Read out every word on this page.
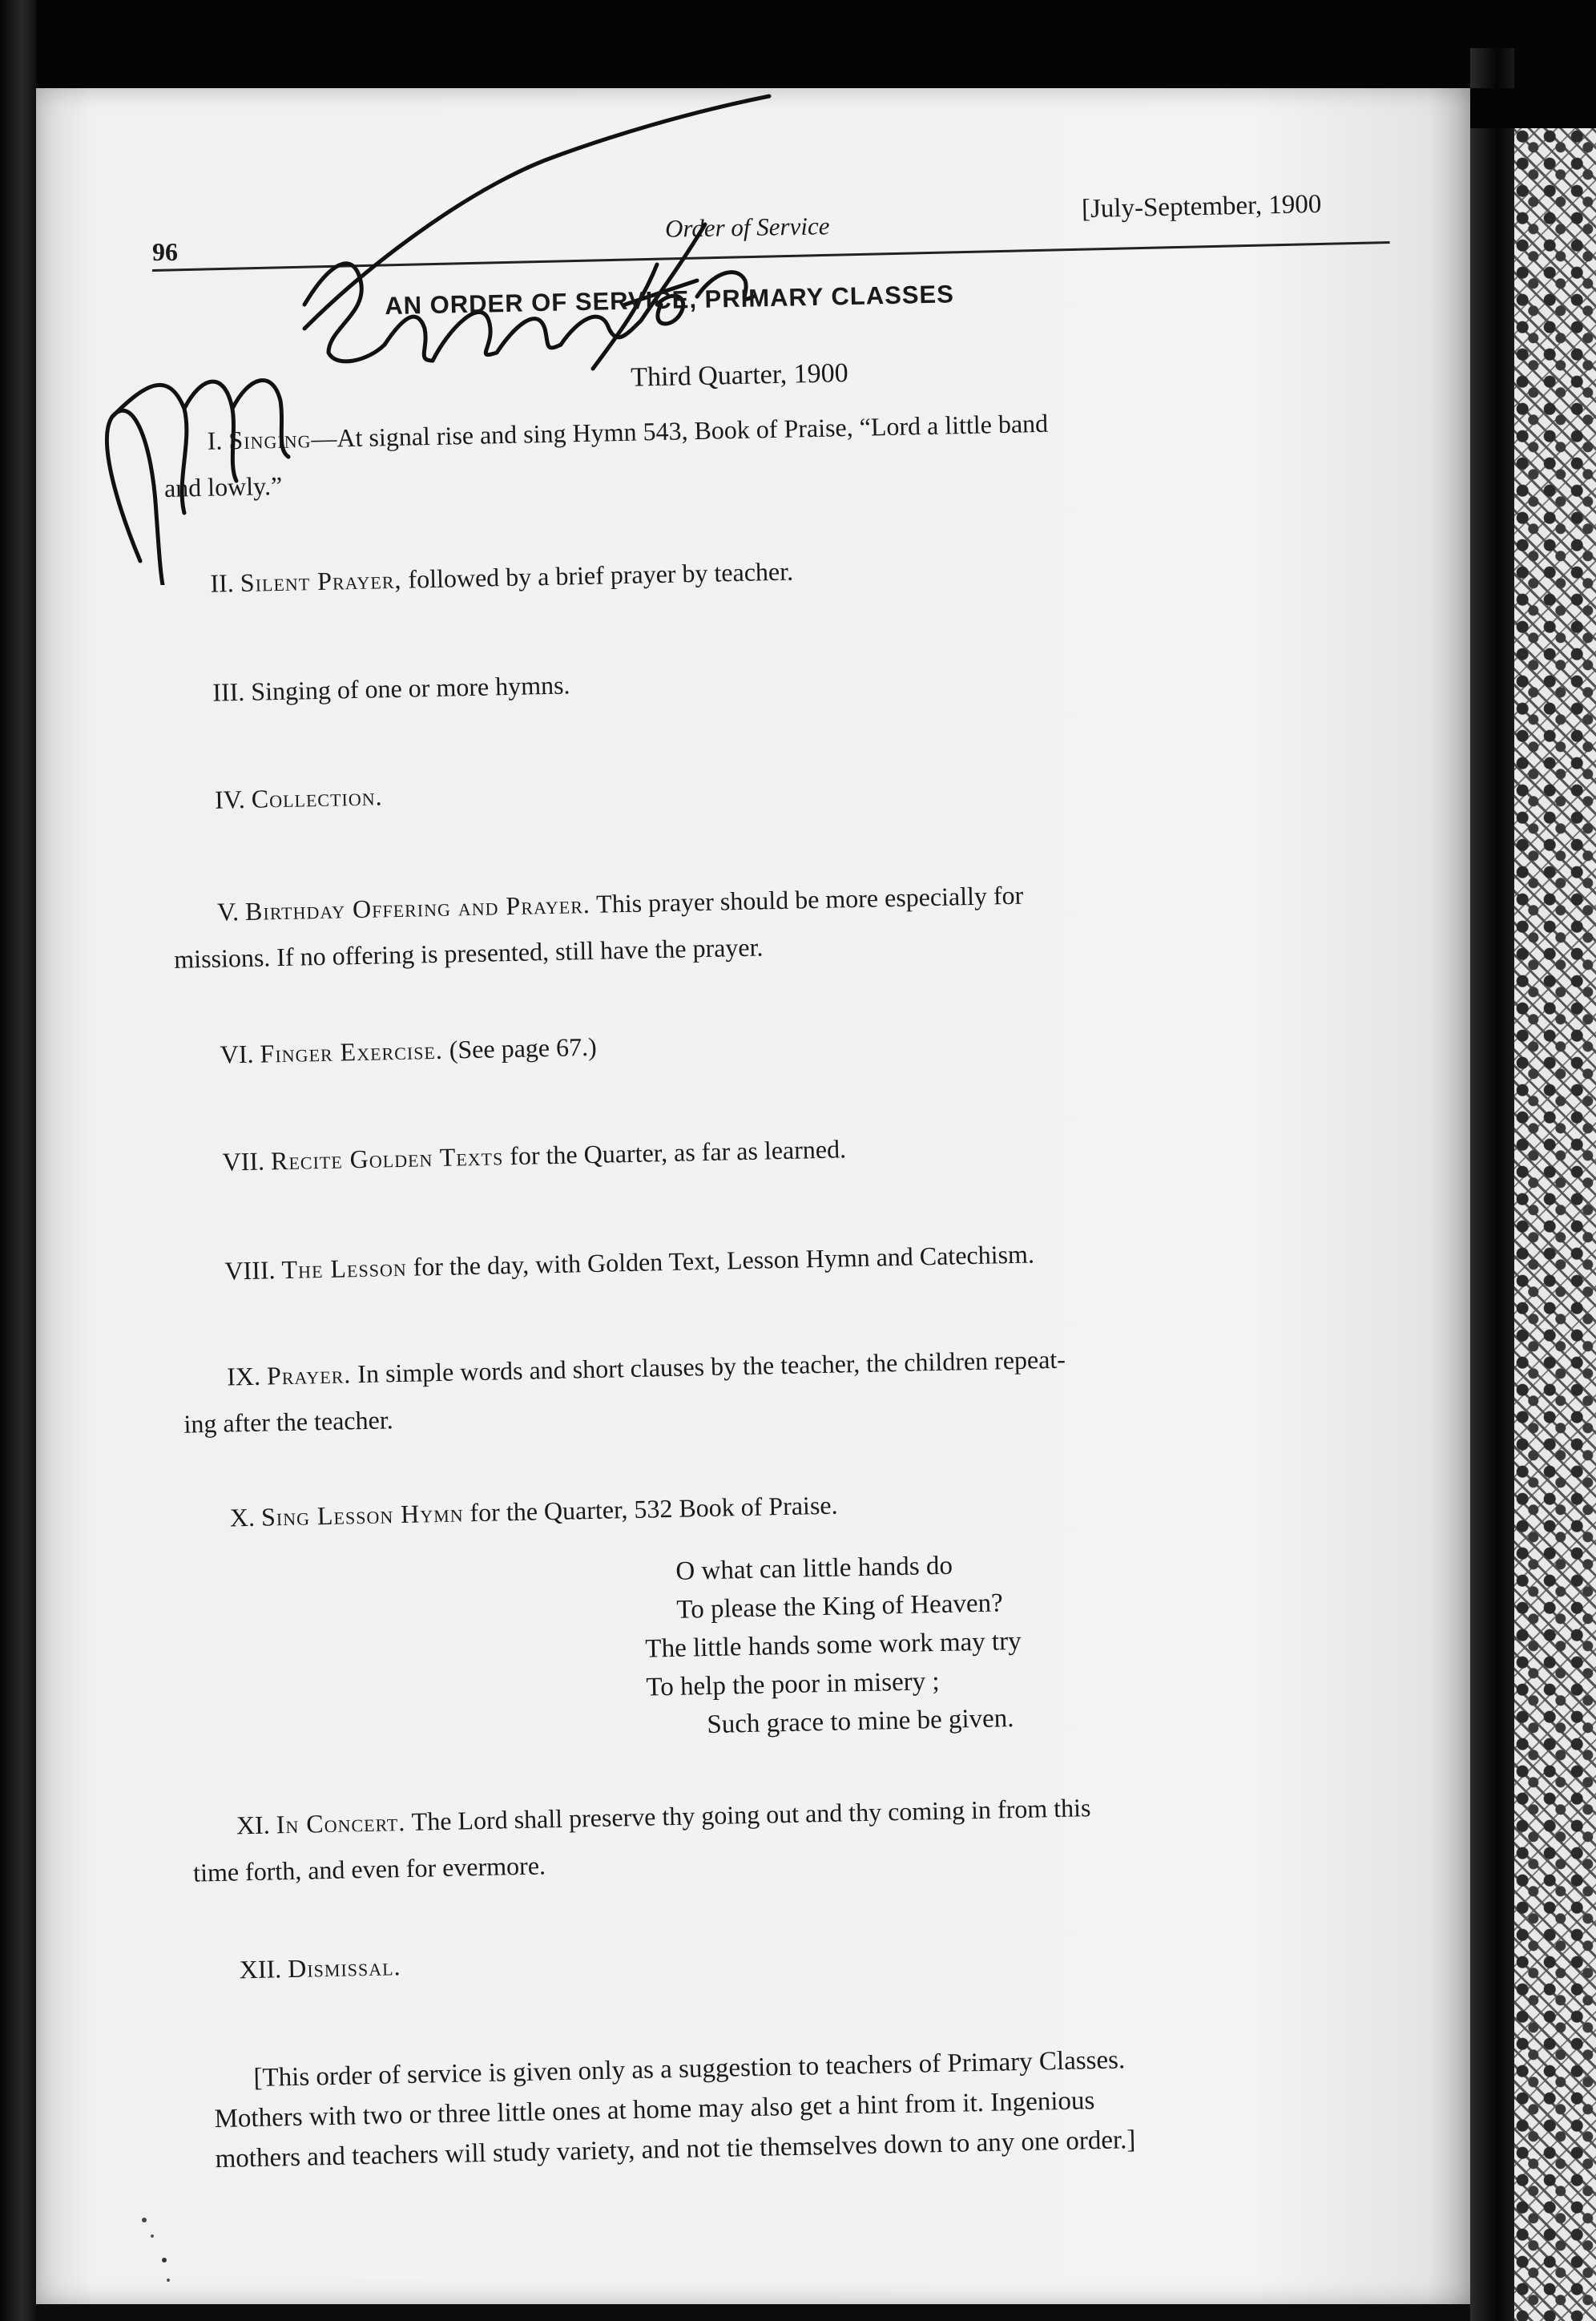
96
Order of Service
[July-September, 1900
AN ORDER OF SERVICE, PRIMARY CLASSES
Third Quarter, 1900
I. Singing—At signal rise and sing Hymn 543, Book of Praise, “Lord a little band
and lowly.”
II. Silent Prayer, followed by a brief prayer by teacher.
III. Singing of one or more hymns.
IV. Collection.
V. Birthday Offering and Prayer. This prayer should be more especially for
missions. If no offering is presented, still have the prayer.
VI. Finger Exercise. (See page 67.)
VII. Recite Golden Texts for the Quarter, as far as learned.
VIII. The Lesson for the day, with Golden Text, Lesson Hymn and Catechism.
IX. Prayer. In simple words and short clauses by the teacher, the children repeat-
ing after the teacher.
X. Sing Lesson Hymn for the Quarter, 532 Book of Praise.
O what can little hands do
To please the King of Heaven?
The little hands some work may try
To help the poor in misery ;
Such grace to mine be given.
XI. In Concert. The Lord shall preserve thy going out and thy coming in from this
time forth, and even for evermore.
XII. Dismissal.
[This order of service is given only as a suggestion to teachers of Primary Classes.
Mothers with two or three little ones at home may also get a hint from it. Ingenious
mothers and teachers will study variety, and not tie themselves down to any one order.]
